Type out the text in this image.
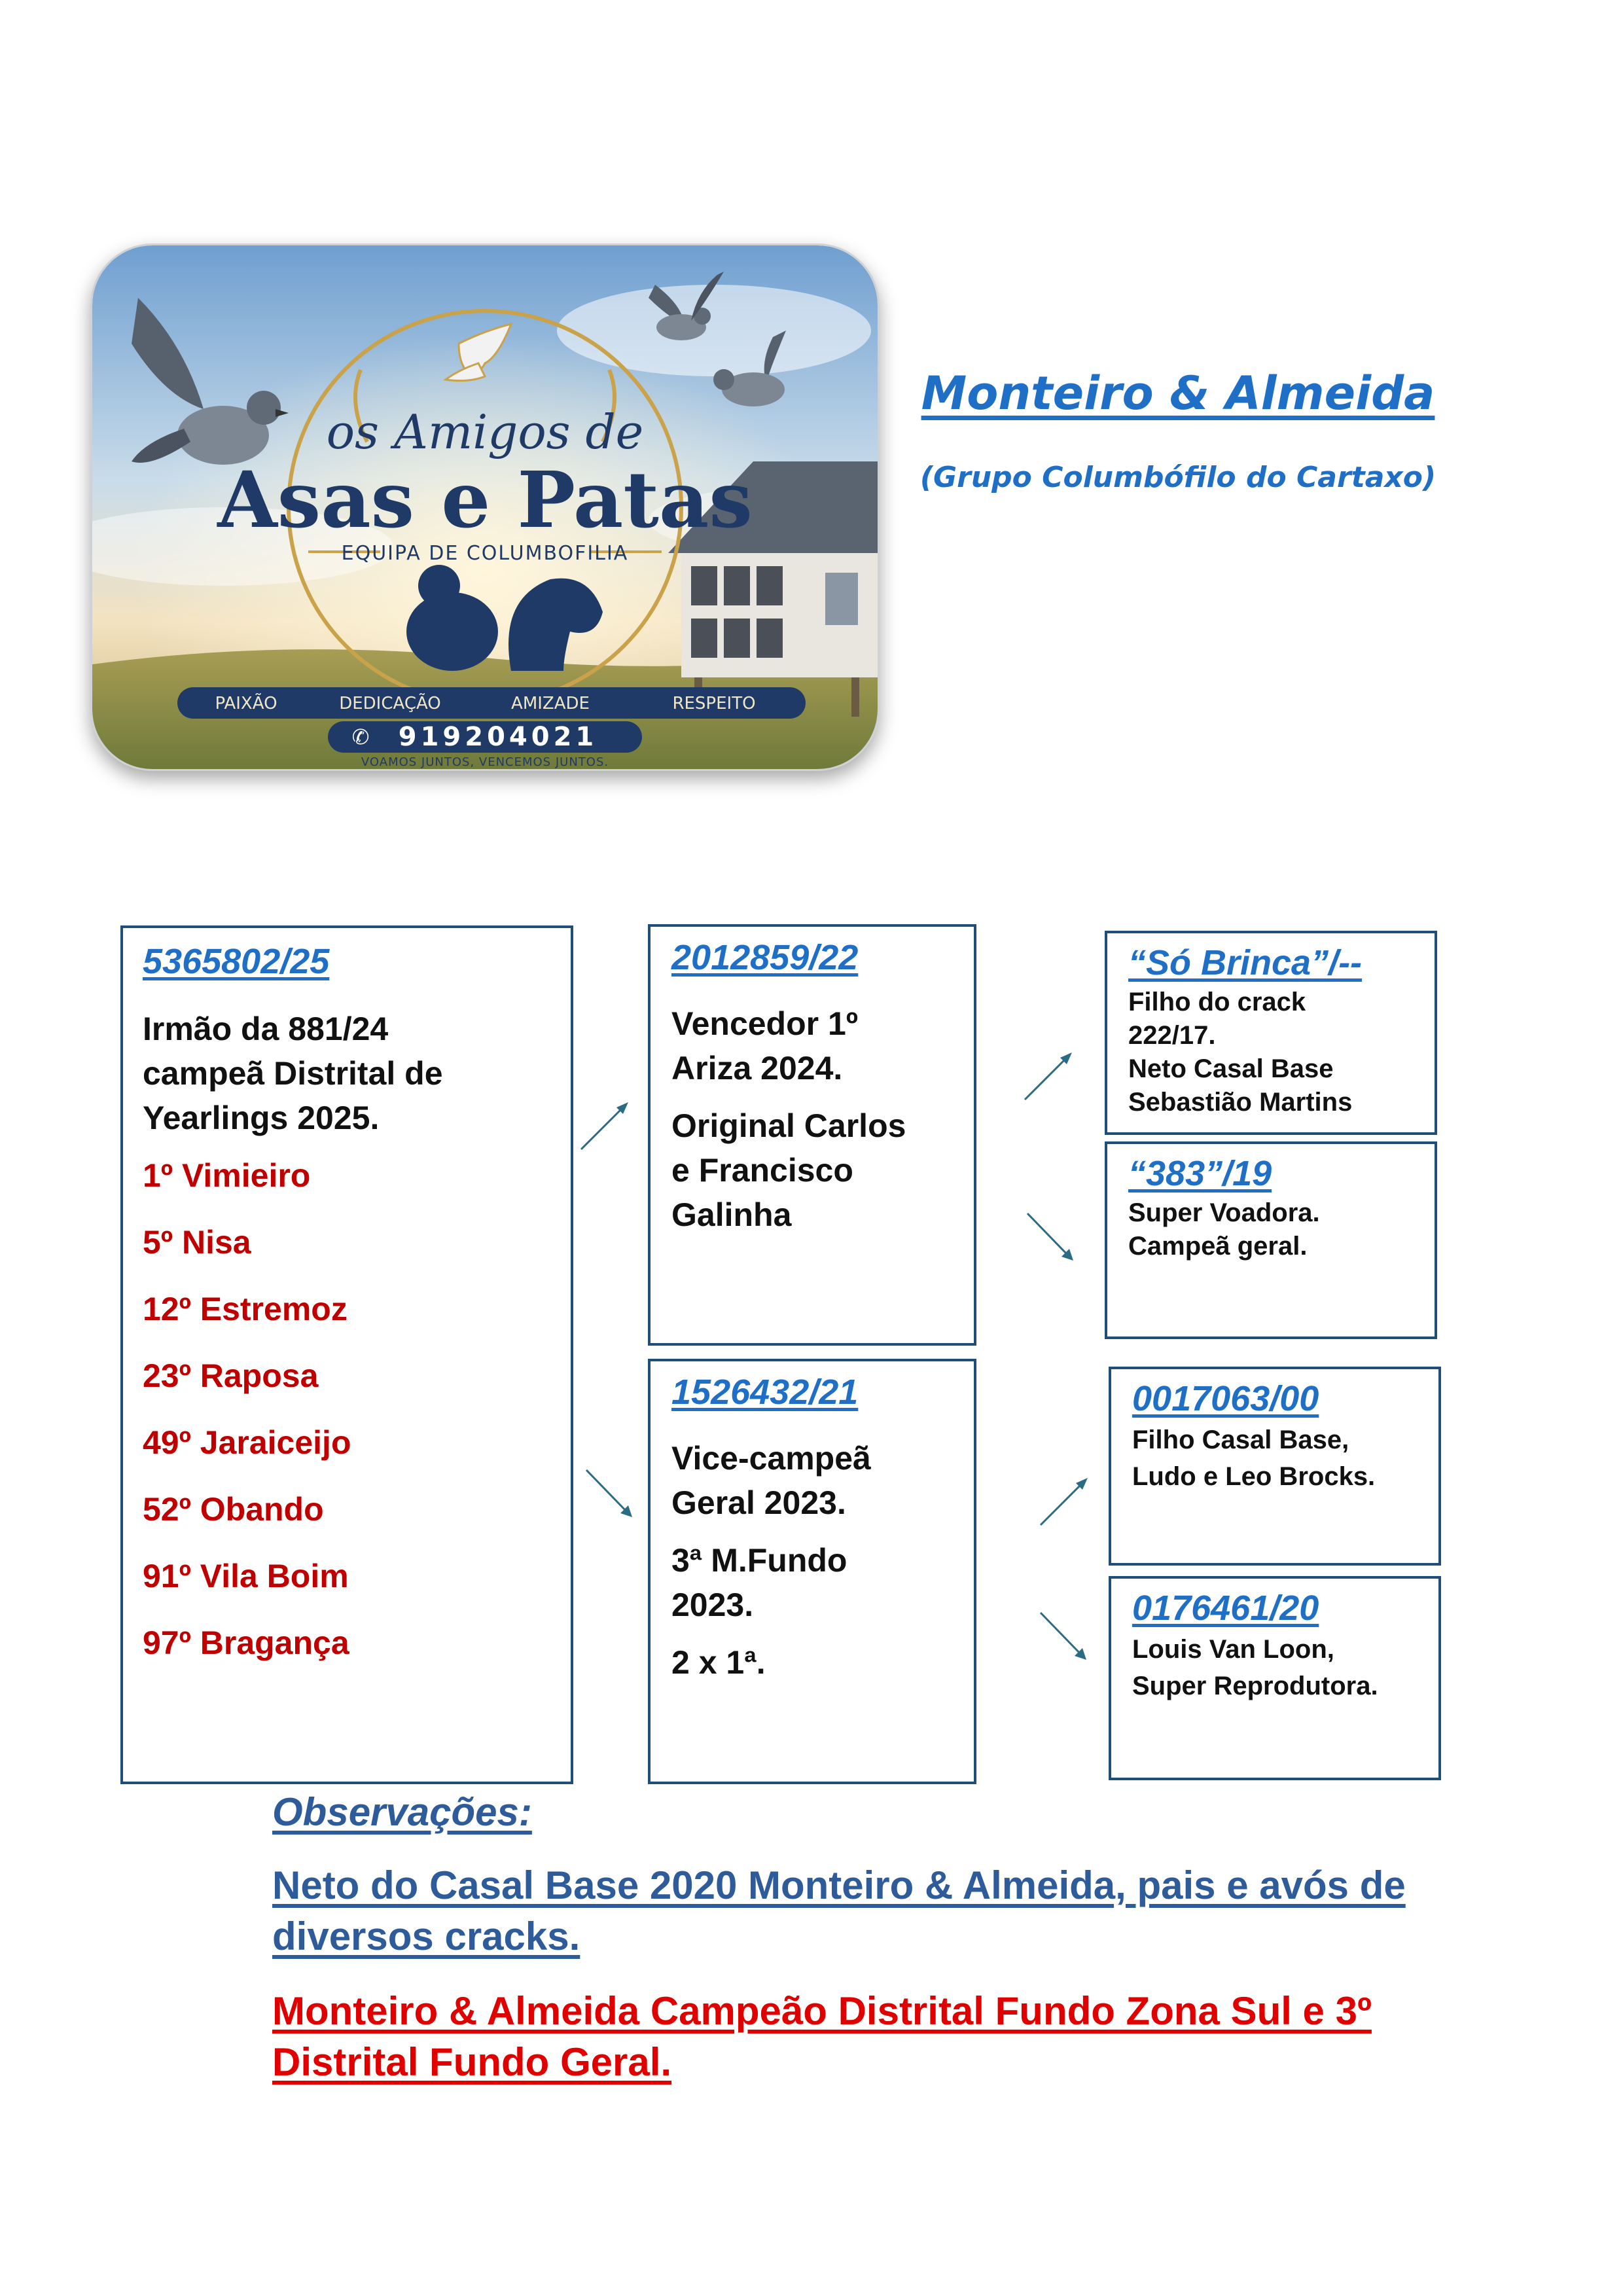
os Amigos de
Asas e Patas
EQUIPA DE COLUMBOFILIA
PAIXÃO	DEDICAÇÃO	AMIZADE	RESPEITO
✆ 919204021
VOAMOS JUNTOS, VENCEMOS JUNTOS.
Monteiro & Almeida
(Grupo Columbófilo do Cartaxo)
5365802/25

Irmão da 881/24
campeã Distrital de
Yearlings 2025.

1º Vimieiro

5º Nisa

12º Estremoz

23º Raposa

49º Jaraiceijo

52º Obando

91º Vila Boim

97º Bragança

2012859/22

Vencedor 1º
Ariza 2024.

Original Carlos
e Francisco
Galinha

1526432/21

Vice-campeã
Geral 2023.

3ª M.Fundo
2023.

2 x 1ª.

“Só Brinca”/--

Filho do crack
222/17.
Neto Casal Base
Sebastião Martins

“383”/19

Super Voadora.
Campeã geral.

0017063/00

Filho Casal Base,
Ludo e Leo Brocks.

0176461/20

Louis Van Loon,
Super Reprodutora.

Observações:
Neto do Casal Base 2020 Monteiro & Almeida, pais e avós de diversos cracks.
Monteiro & Almeida Campeão Distrital Fundo Zona Sul e 3º Distrital Fundo Geral.
